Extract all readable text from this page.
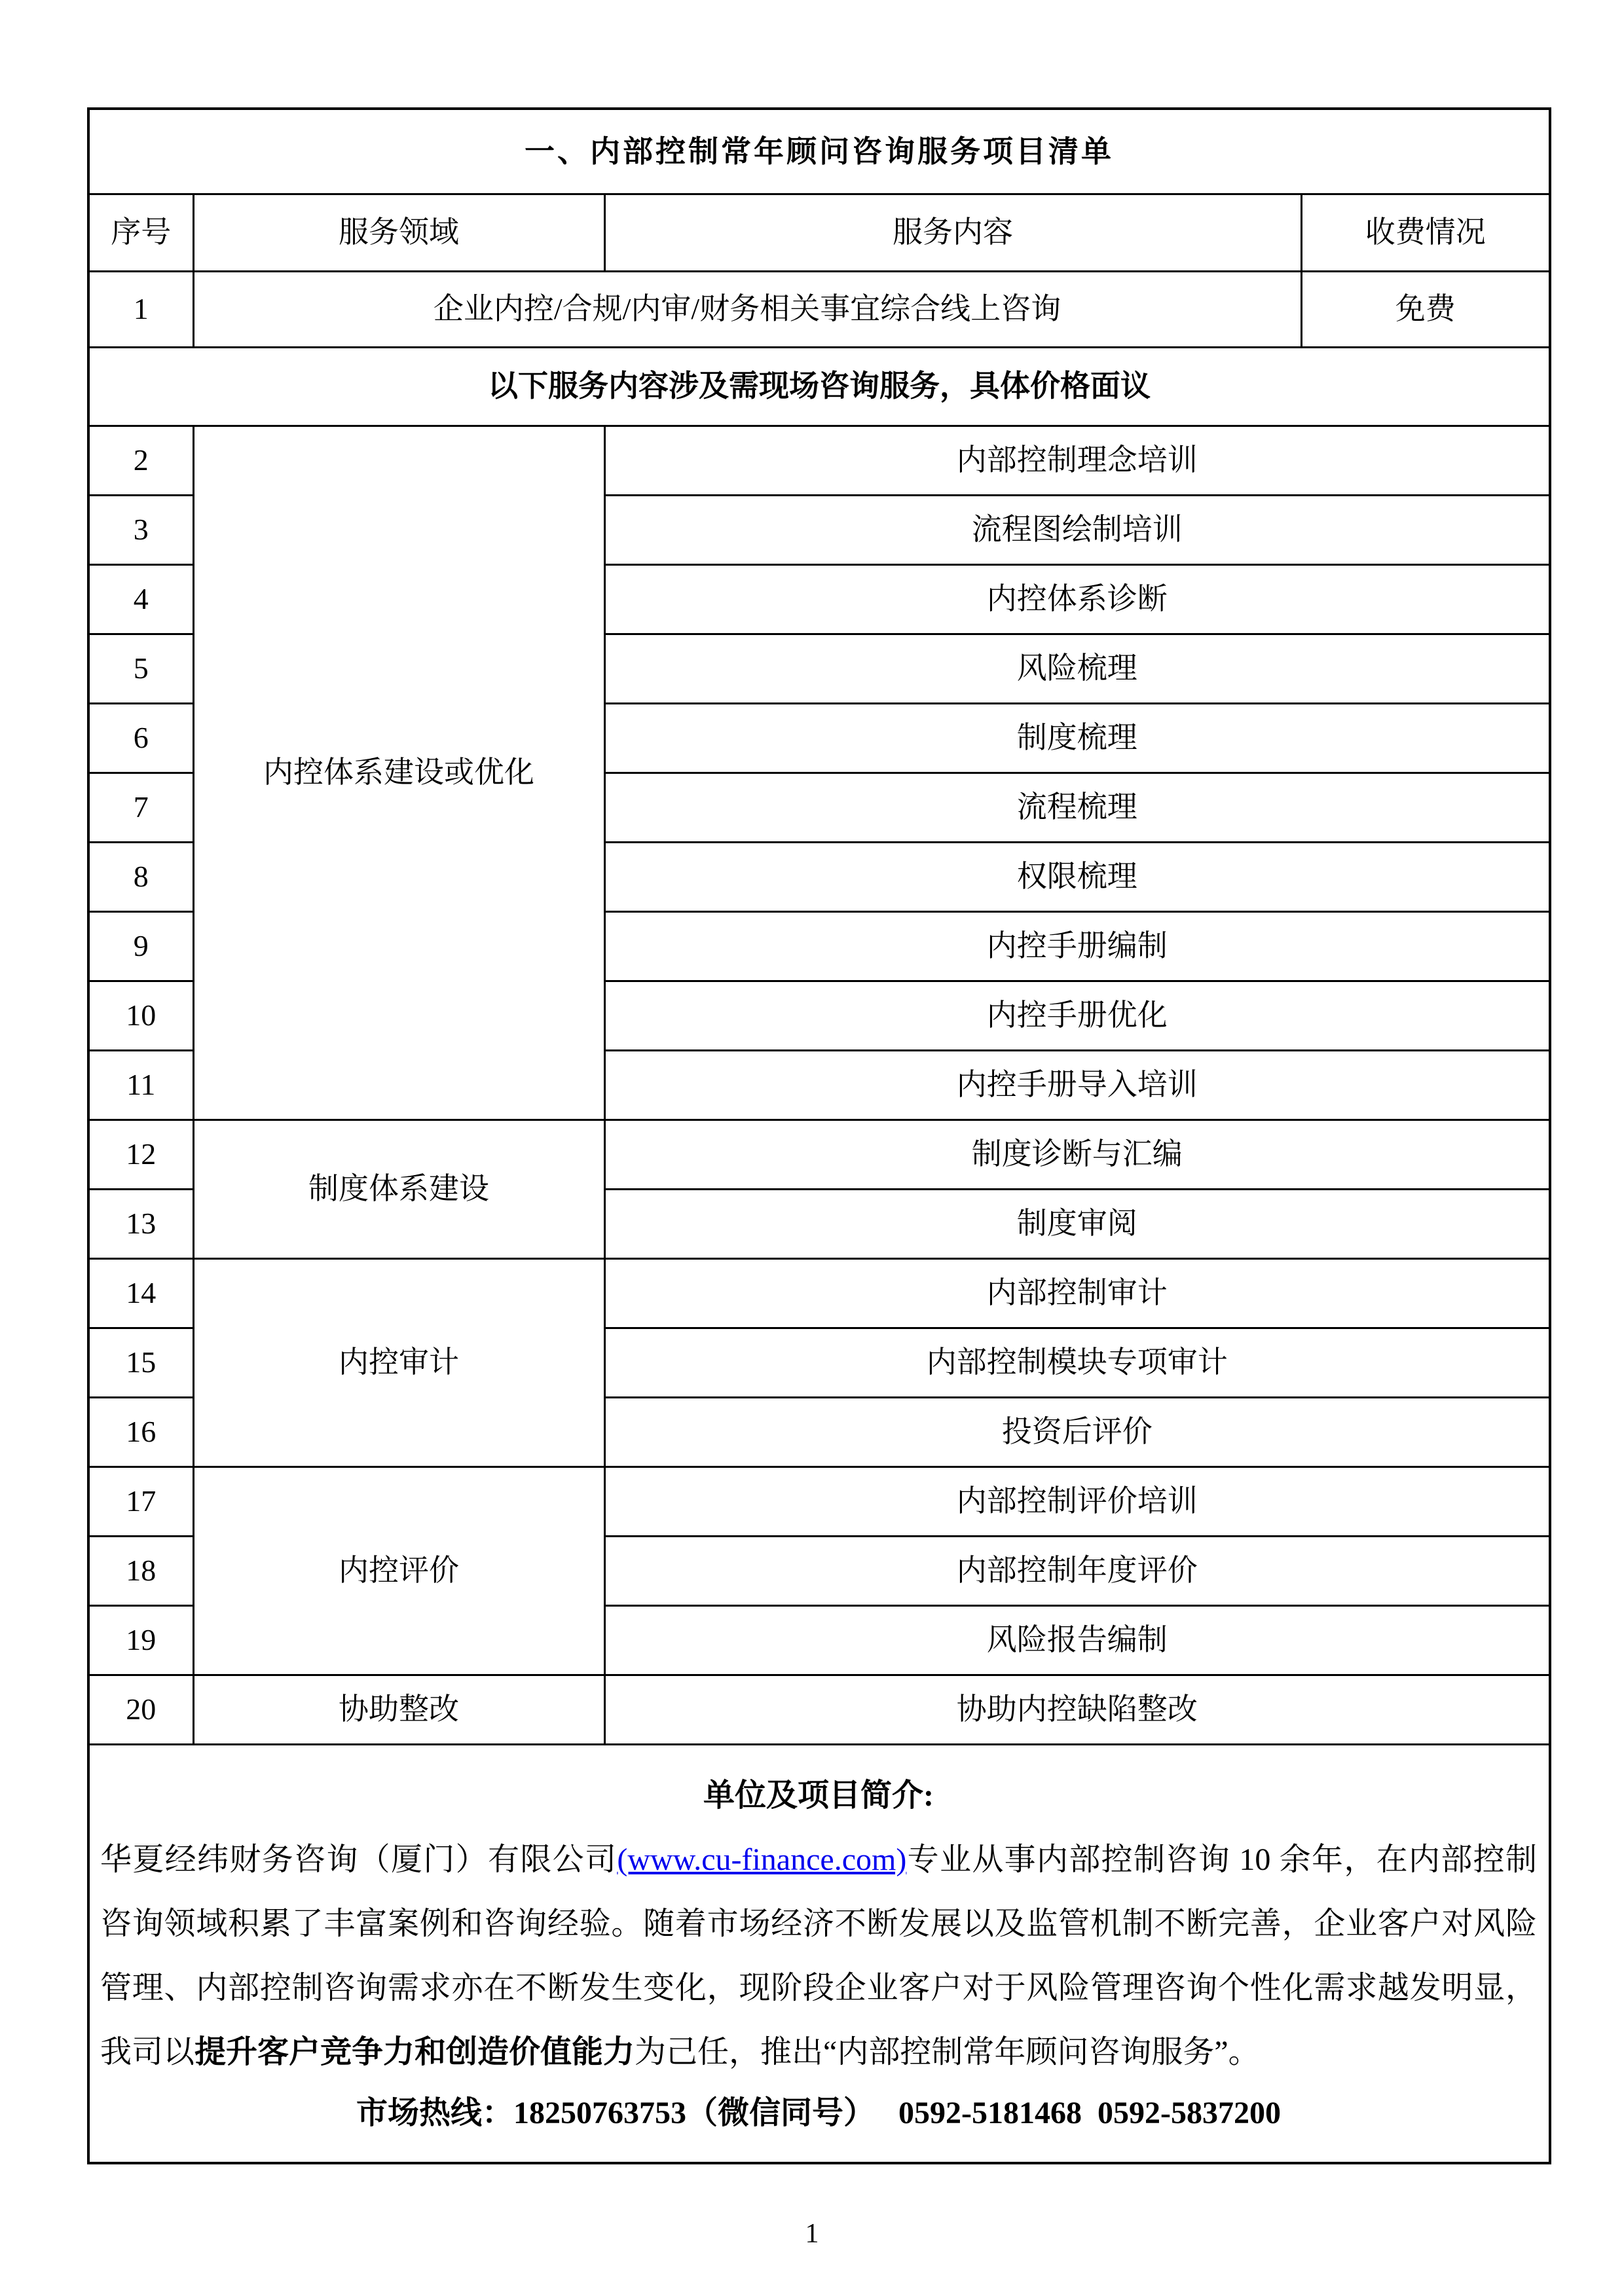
一、内部控制常年顾问咨询服务项目清单			
序号	服务领域	服务内容	收费情况
1	企业内控/合规/内审/财务相关事宜综合线上咨询		免费
以下服务内容涉及需现场咨询服务，具体价格面议			
2	内控体系建设或优化	内部控制理念培训	
3		流程图绘制培训	
4		内控体系诊断	
5		风险梳理	
6		制度梳理	
7		流程梳理	
8		权限梳理	
9		内控手册编制	
10		内控手册优化	
11		内控手册导入培训	
12	制度体系建设	制度诊断与汇编	
13		制度审阅	
14	内控审计	内部控制审计	
15		内部控制模块专项审计	
16		投资后评价	
17	内控评价	内部控制评价培训	
18		内部控制年度评价	
19		风险报告编制	
20	协助整改	协助内控缺陷整改	

单位及项目简介:
华夏经纬财务咨询（厦门）有限公司(www.cu-finance.com)专业从事内部控制咨询 10 余年，在内部控制咨询领域积累了丰富案例和咨询经验。随着市场经济不断发展以及监管机制不断完善，企业客户对风险管理、内部控制咨询需求亦在不断发生变化，现阶段企业客户对于风险管理咨询个性化需求越发明显，我司以提升客户竞争力和创造价值能力为己任，推出“内部控制常年顾问咨询服务”。
市场热线：18250763753（微信同号）   0592-5181468  0592-5837200			
1
